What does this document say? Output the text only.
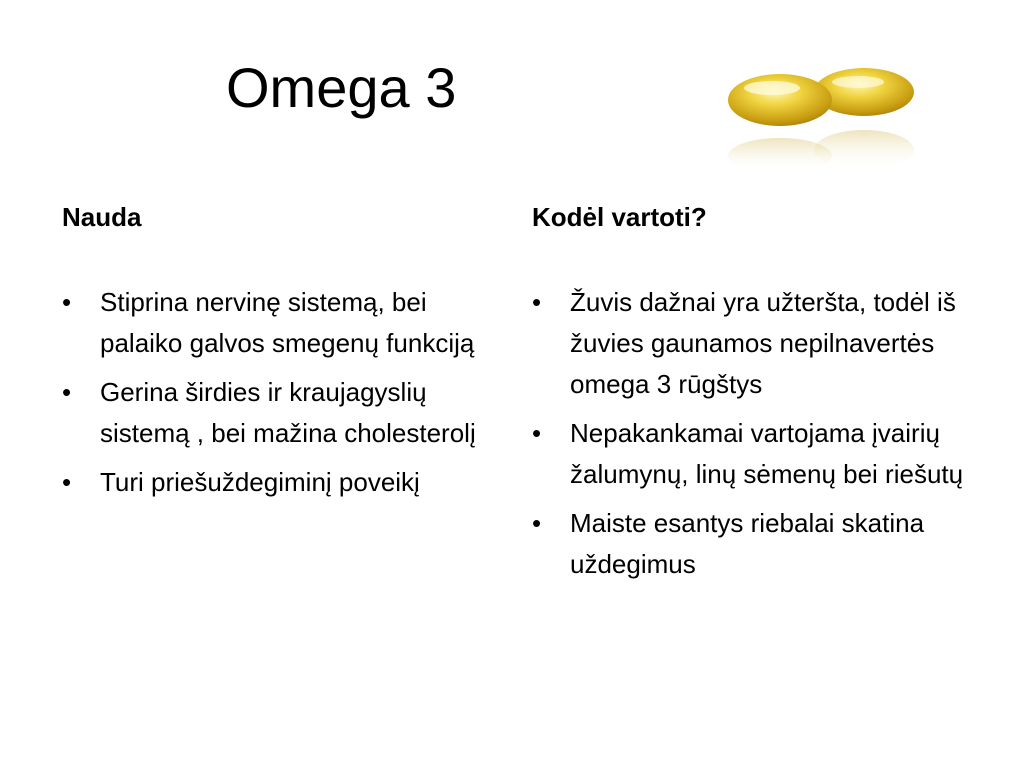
Omega 3
Nauda	Kodėl vartoti?
• Stiprina nervinę sistemą, bei palaiko galvos smegenų funkciją
• Gerina širdies ir kraujagyslių sistemą , bei mažina cholesterolį
• Turi priešuždegiminį poveikį
• Žuvis dažnai yra užteršta, todėl iš žuvies gaunamos nepilnavertės omega 3 rūgštys
• Nepakankamai vartojama įvairių žalumynų, linų sėmenų bei riešutų
• Maiste esantys riebalai skatina uždegimus
